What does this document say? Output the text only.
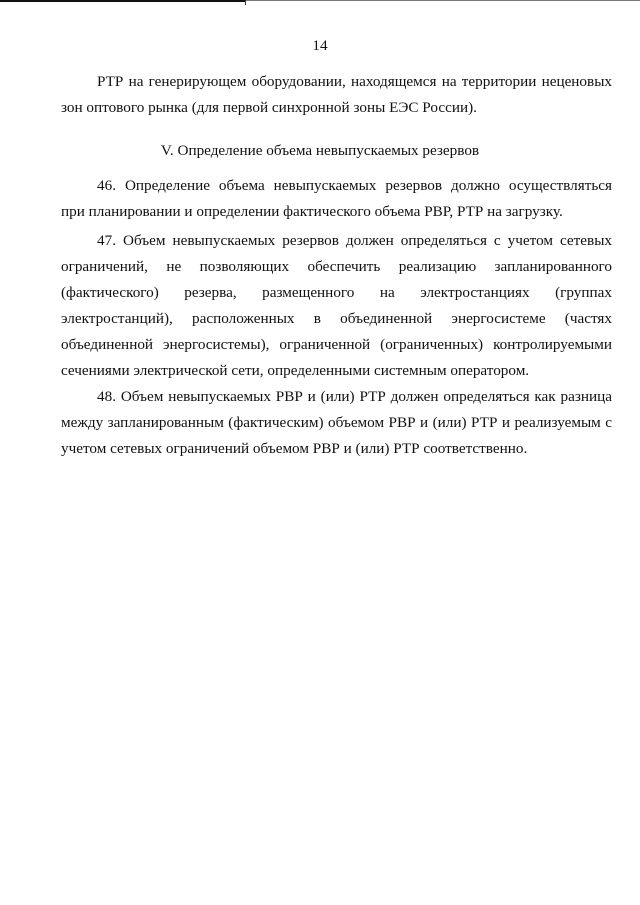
14
РТР на генерирующем оборудовании, находящемся на территории неценовых
зон оптового рынка (для первой синхронной зоны ЕЭС России).
V. Определение объема невыпускаемых резервов
46. Определение объема невыпускаемых резервов должно осуществляться
при планировании и определении фактического объема РВР, РТР на загрузку.
47. Объем невыпускаемых резервов должен определяться с учетом сетевых
ограничений, не позволяющих обеспечить реализацию запланированного
(фактического) резерва, размещенного на электростанциях (группах
электростанций), расположенных в объединенной энергосистеме (частях
объединенной энергосистемы), ограниченной (ограниченных) контролируемыми
сечениями электрической сети, определенными системным оператором.
48. Объем невыпускаемых РВР и (или) РТР должен определяться как разница
между запланированным (фактическим) объемом РВР и (или) РТР и реализуемым с
учетом сетевых ограничений объемом РВР и (или) РТР соответственно.
